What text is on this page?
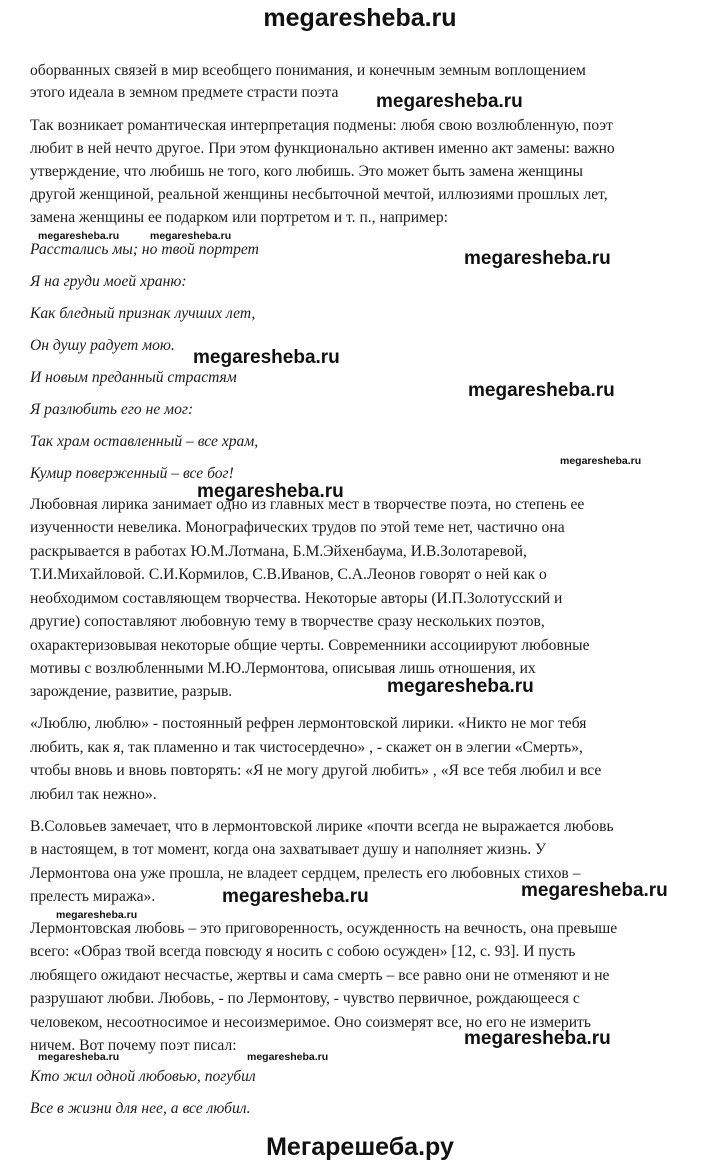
megaresheba.ru
оборванных связей в мир всеобщего понимания, и конечным земным воплощением
этого идеала в земном предмете страсти поэта
Так возникает романтическая интерпретация подмены: любя свою возлюбленную, поэт
любит в ней нечто другое. При этом функционально активен именно акт замены: важно
утверждение, что любишь не того, кого любишь. Это может быть замена женщины
другой женщиной, реальной женщины несбыточной мечтой, иллюзиями прошлых лет,
замена женщины ее подарком или портретом и т. п., например:
Расстались мы; но твой портрет
Я на груди моей храню:
Как бледный признак лучших лет,
Он душу радует мою.
И новым преданный страстям
Я разлюбить его не мог:
Так храм оставленный – все храм,
Кумир поверженный – все бог!
Любовная лирика занимает одно из главных мест в творчестве поэта, но степень ее
изученности невелика. Монографических трудов по этой теме нет, частично она
раскрывается в работах Ю.М.Лотмана, Б.М.Эйхенбаума, И.В.Золотаревой,
Т.И.Михайловой. С.И.Кормилов, С.В.Иванов, С.А.Леонов говорят о ней как о
необходимом составляющем творчества. Некоторые авторы (И.П.Золотусский и
другие) сопоставляют любовную тему в творчестве сразу нескольких поэтов,
охарактеризовывая некоторые общие черты. Современники ассоциируют любовные
мотивы с возлюбленными М.Ю.Лермонтова, описывая лишь отношения, их
зарождение, развитие, разрыв.
«Люблю, люблю» - постоянный рефрен лермонтовской лирики. «Никто не мог тебя
любить, как я, так пламенно и так чистосердечно» , - скажет он в элегии «Смерть»,
чтобы вновь и вновь повторять: «Я не могу другой любить» , «Я все тебя любил и все
любил так нежно».
В.Соловьев замечает, что в лермонтовской лирике «почти всегда не выражается любовь
в настоящем, в тот момент, когда она захватывает душу и наполняет жизнь. У
Лермонтова она уже прошла, не владеет сердцем, прелесть его любовных стихов –
прелесть миража».
Лермонтовская любовь – это приговоренность, осужденность на вечность, она превыше
всего: «Образ твой всегда повсюду я носить с собою осужден» [12, с. 93]. И пусть
любящего ожидают несчастье, жертвы и сама смерть – все равно они не отменяют и не
разрушают любви. Любовь, - по Лермонтову, - чувство первичное, рождающееся с
человеком, несоотносимое и несоизмеримое. Оно соизмерят все, но его не измерить
ничем. Вот почему поэт писал:
Кто жил одной любовью, погубил
Все в жизни для нее, а все любил.
megaresheba.ru
megaresheba.ru	megaresheba.ru
megaresheba.ru
megaresheba.ru
megaresheba.ru
megaresheba.ru
megaresheba.ru
megaresheba.ru
megaresheba.ru	megaresheba.ru
megaresheba.ru
megaresheba.ru	megaresheba.ru
megaresheba.ru
Мегарешеба.ру
